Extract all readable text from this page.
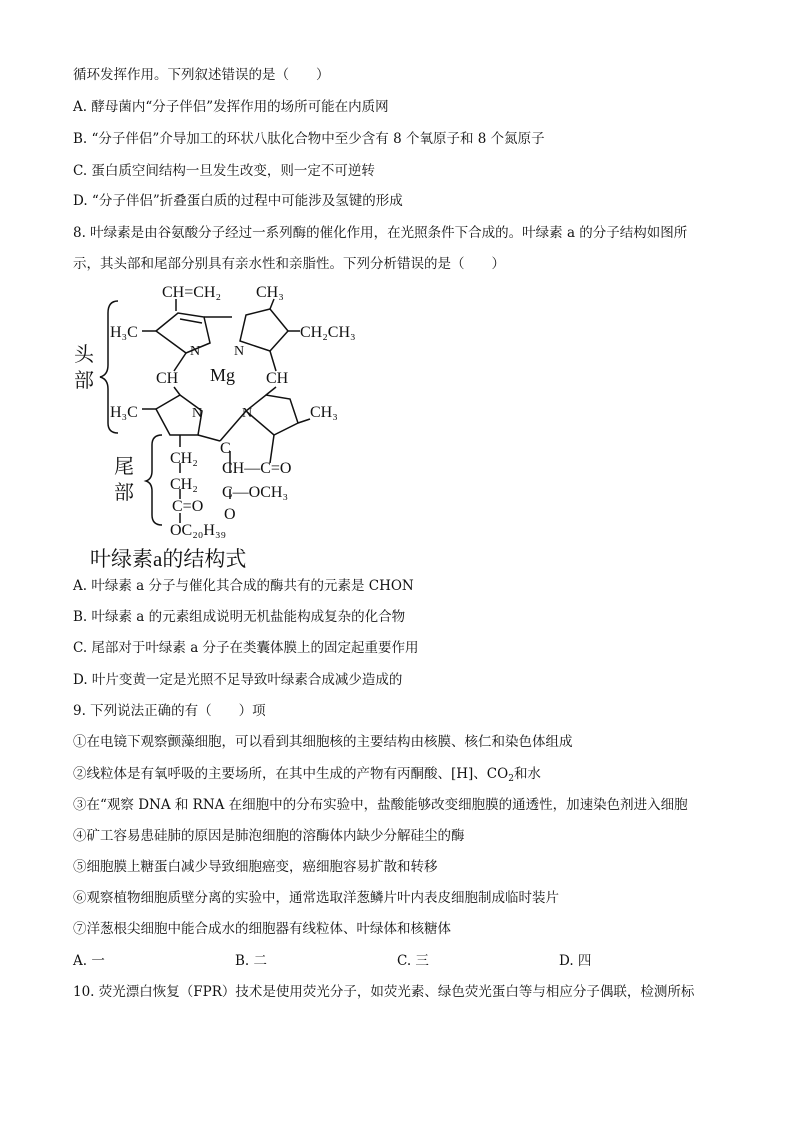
循环发挥作用。下列叙述错误的是（　　）
A. 酵母菌内“分子伴侣”发挥作用的场所可能在内质网
B. “分子伴侣”介导加工的环状八肽化合物中至少含有 8 个氧原子和 8 个氮原子
C. 蛋白质空间结构一旦发生改变，则一定不可逆转
D. “分子伴侣”折叠蛋白质的过程中可能涉及氢键的形成
8. 叶绿素是由谷氨酸分子经过一系列酶的催化作用，在光照条件下合成的。叶绿素 a 的分子结构如图所
示，其头部和尾部分别具有亲水性和亲脂性。下列分析错误的是（　　）
头
部
尾
部
CH=CH₂ CH₃
H₃C	CH₂CH₃
N N
Mg
CH	CH
N	N
H₃C	CH₃
C
CH₂
CH—C=O
CH₂
C=O
C—OCH₃
O
OC₂₀H₃₉
叶绿素a的结构式
A. 叶绿素 a 分子与催化其合成的酶共有的元素是 CHON
B. 叶绿素 a 的元素组成说明无机盐能构成复杂的化合物
C. 尾部对于叶绿素 a 分子在类囊体膜上的固定起重要作用
D. 叶片变黄一定是光照不足导致叶绿素合成减少造成的
9. 下列说法正确的有（　　）项
①在电镜下观察颤藻细胞，可以看到其细胞核的主要结构由核膜、核仁和染色体组成
②线粒体是有氧呼吸的主要场所，在其中生成的产物有丙酮酸、[H]、$CO_2$和水
③在“观察 DNA 和 RNA 在细胞中的分布实验中，盐酸能够改变细胞膜的通透性，加速染色剂进入细胞
④矿工容易患硅肺的原因是肺泡细胞的溶酶体内缺少分解硅尘的酶
⑤细胞膜上糖蛋白减少导致细胞癌变，癌细胞容易扩散和转移
⑥观察植物细胞质壁分离的实验中，通常选取洋葱鳞片叶内表皮细胞制成临时装片
⑦洋葱根尖细胞中能合成水的细胞器有线粒体、叶绿体和核糖体
A. 一	B. 二	C. 三	D. 四
10. 荧光漂白恢复（FPR）技术是使用荧光分子，如荧光素、绿色荧光蛋白等与相应分子偶联，检测所标
